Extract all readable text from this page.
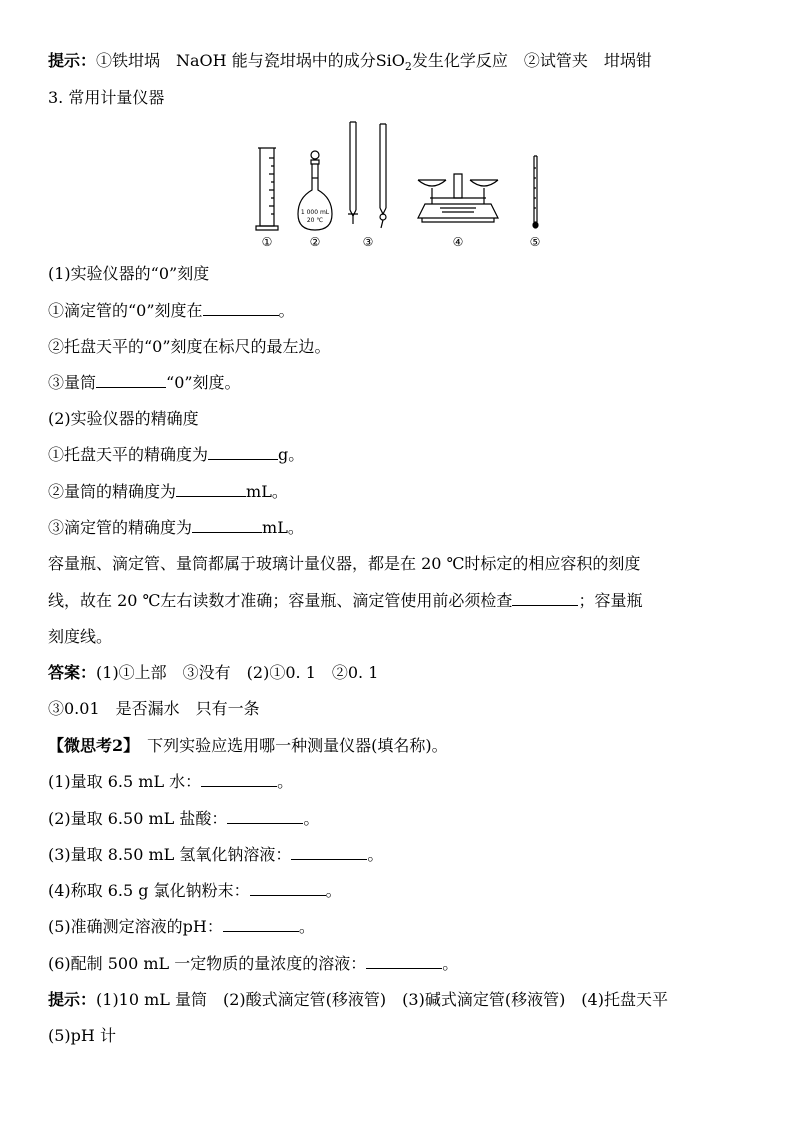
提示：①铁坩埚　NaOH 能与瓷坩埚中的成分SiO$_2$发生化学反应　②试管夹　坩埚钳
3. 常用计量仪器
1 000 mL
20 ℃
①	②	③	④	⑤
(1)实验仪器的“0”刻度
①滴定管的“0”刻度在	。
②托盘天平的“0”刻度在标尺的最左边。
③量筒	“0”刻度。
(2)实验仪器的精确度
①托盘天平的精确度为	g。
②量筒的精确度为	mL。
③滴定管的精确度为	mL。
容量瓶、滴定管、量筒都属于玻璃计量仪器，都是在 20 ℃时标定的相应容积的刻度
线，故在 20 ℃左右读数才准确；容量瓶、滴定管使用前必须检查	；容量瓶
刻度线。
答案：(1)①上部　③没有　(2)①0. 1　②0. 1
③0.01　是否漏水　只有一条
【微思考2】　下列实验应选用哪一种测量仪器(填名称)。
(1)量取 6.5 mL 水：	。
(2)量取 6.50 mL 盐酸：	。
(3)量取 8.50 mL 氢氧化钠溶液：	。
(4)称取 6.5 g 氯化钠粉末：	。
(5)准确测定溶液的pH：	。
(6)配制 500 mL 一定物质的量浓度的溶液：	。
提示：(1)10 mL 量筒　(2)酸式滴定管(移液管)　(3)碱式滴定管(移液管)　(4)托盘天平
(5)pH 计
